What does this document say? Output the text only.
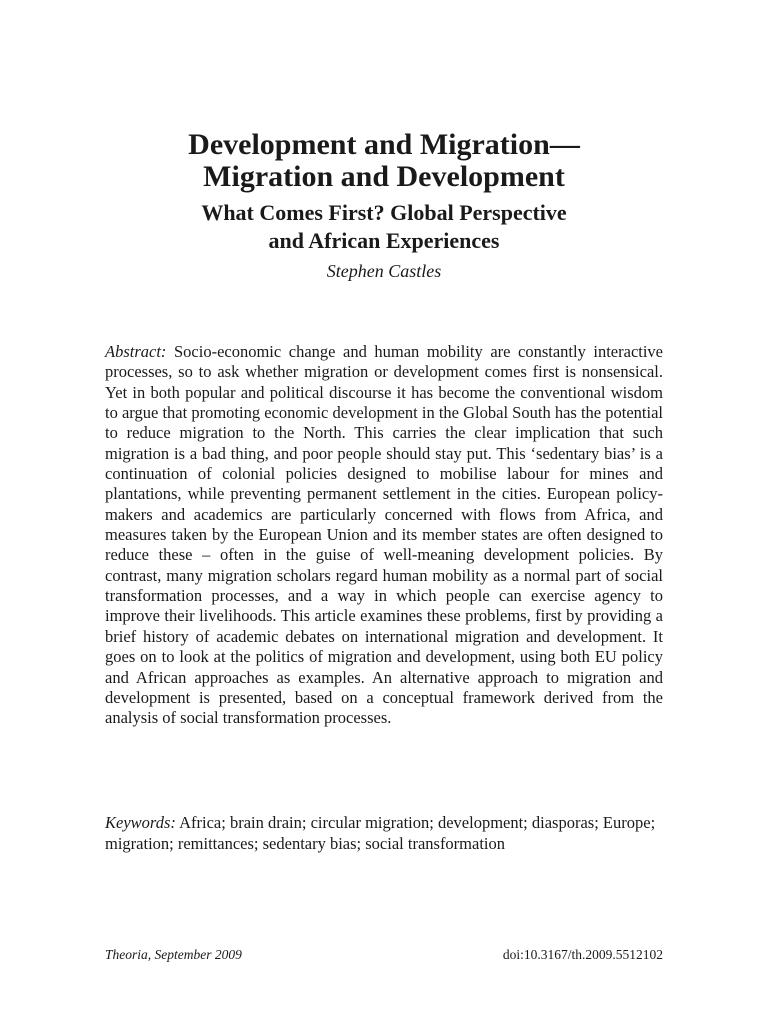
Development and Migration—
Migration and Development
What Comes First? Global Perspective
and African Experiences

Stephen Castles

Abstract: Socio-economic change and human mobility are constantly interactive processes, so to ask whether migration or development comes first is nonsensical. Yet in both popular and political discourse it has become the conventional wisdom to argue that promoting economic development in the Global South has the potential to reduce migration to the North. This carries the clear implication that such migration is a bad thing, and poor people should stay put. This ‘sedentary bias’ is a continuation of colonial policies designed to mobilise labour for mines and plantations, while preventing permanent settlement in the cities. European policy-makers and academics are particularly concerned with flows from Africa, and measures taken by the European Union and its member states are often designed to reduce these – often in the guise of well-meaning development policies. By contrast, many migration scholars regard human mobility as a normal part of social transformation processes, and a way in which people can exercise agency to improve their livelihoods. This article examines these problems, first by providing a brief history of academic debates on international migration and development. It goes on to look at the politics of migration and development, using both EU policy and African approaches as examples. An alternative approach to migration and development is presented, based on a conceptual framework derived from the analysis of social transformation processes.

Keywords: Africa; brain drain; circular migration; development; diasporas; Europe; migration; remittances; sedentary bias; social transformation

Theoria, September 2009	doi:10.3167/th.2009.5512102
